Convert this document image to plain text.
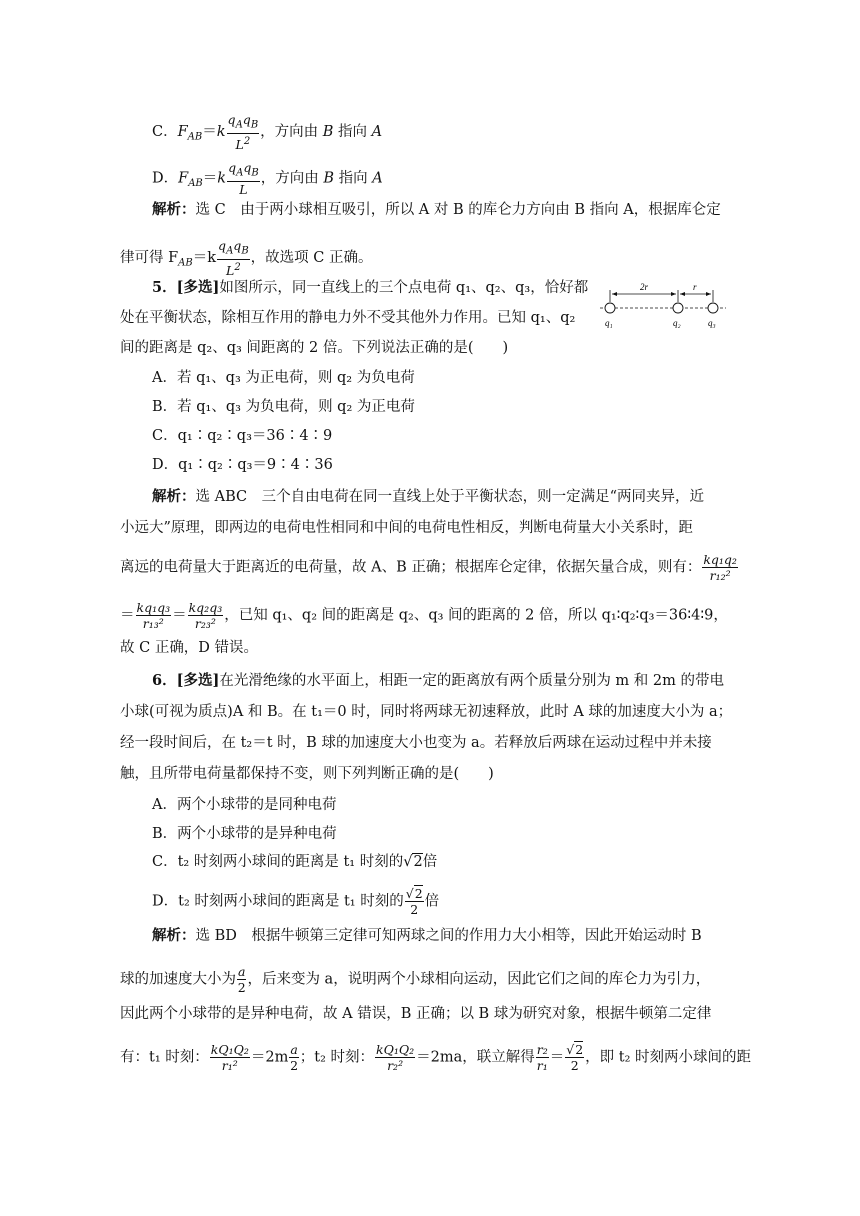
C．$F_{AB}=k$
$q_Aq_B$
$L^2$
，方向由 B 指向 A
D．$F_{AB}=k$
$q_Aq_B$
L
，方向由 B 指向 A
解析：选 C　由于两小球相互吸引，所以 A 对 B 的库仑力方向由 B 指向 A，根据库仑定
律可得 $F_{AB}=k$
$q_Aq_B$
$L^2$
，故选项 C 正确。
5．[多选]如图所示，同一直线上的三个点电荷 q₁、q₂、q₃，恰好都
处在平衡状态，除相互作用的静电力外不受其他外力作用。已知 q₁、q₂
间的距离是 q₂、q₃ 间距离的 2 倍。下列说法正确的是(　　)
2r	r
q₁	q₂	q₃
A．若 q₁、q₃ 为正电荷，则 q₂ 为负电荷
B．若 q₁、q₃ 为负电荷，则 q₂ 为正电荷
C．q₁∶q₂∶q₃＝36∶4∶9
D．q₁∶q₂∶q₃＝9∶4∶36
解析：选 ABC　三个自由电荷在同一直线上处于平衡状态，则一定满足“两同夹异，近
小远大”原理，即两边的电荷电性相同和中间的电荷电性相反，判断电荷量大小关系时，距
离远的电荷量大于距离近的电荷量，故 A、B 正确；根据库仑定律，依据矢量合成，则有： $\frac{\text{kq₁q₂}}{\text{r₁₂²}}$
＝ $\frac{\text{kq₁q₃}}{\text{r₁₃²}} = \frac{\text{kq₂q₃}}{\text{r₂₃²}}$ ，已知 q₁、q₂ 间的距离是 q₂、q₃ 间的距离的 2 倍，所以 q₁∶q₂∶q₃＝36∶4∶9，
故 C 正确，D 错误。
6．[多选]在光滑绝缘的水平面上，相距一定的距离放有两个质量分别为 m 和 2m 的带电
小球(可视为质点)A 和 B。在 t₁＝0 时，同时将两球无初速释放，此时 A 球的加速度大小为 a；
经一段时间后，在 t₂＝t 时，B 球的加速度大小也变为 a。若释放后两球在运动过程中并未接
触，且所带电荷量都保持不变，则下列判断正确的是(　　)
A．两个小球带的是同种电荷
B．两个小球带的是异种电荷
C．t₂ 时刻两小球间的距离是 t₁ 时刻的√2倍
D．t₂ 时刻两小球间的距离是 t₁ 时刻的 $\frac{√2}{2}$ 倍
解析：选 BD　根据牛顿第三定律可知两球之间的作用力大小相等，因此开始运动时 B
球的加速度大小为 $\frac{a}{2}$ ，后来变为 a，说明两个小球相向运动，因此它们之间的库仑力为引力，
因此两个小球带的是异种电荷，故 A 错误，B 正确；以 B 球为研究对象，根据牛顿第二定律
有：t₁ 时刻： $\frac{\text{kQ₁Q₂}}{\text{r₁²}} =2m \frac{a}{2}$ ；t₂ 时刻： $\frac{\text{kQ₁Q₂}}{\text{r₂²}} =2ma$，联立解得 $\frac{\text{r₂}}{\text{r₁}} = \frac{√2}{2}$ ，即 t₂ 时刻两小球间的距
